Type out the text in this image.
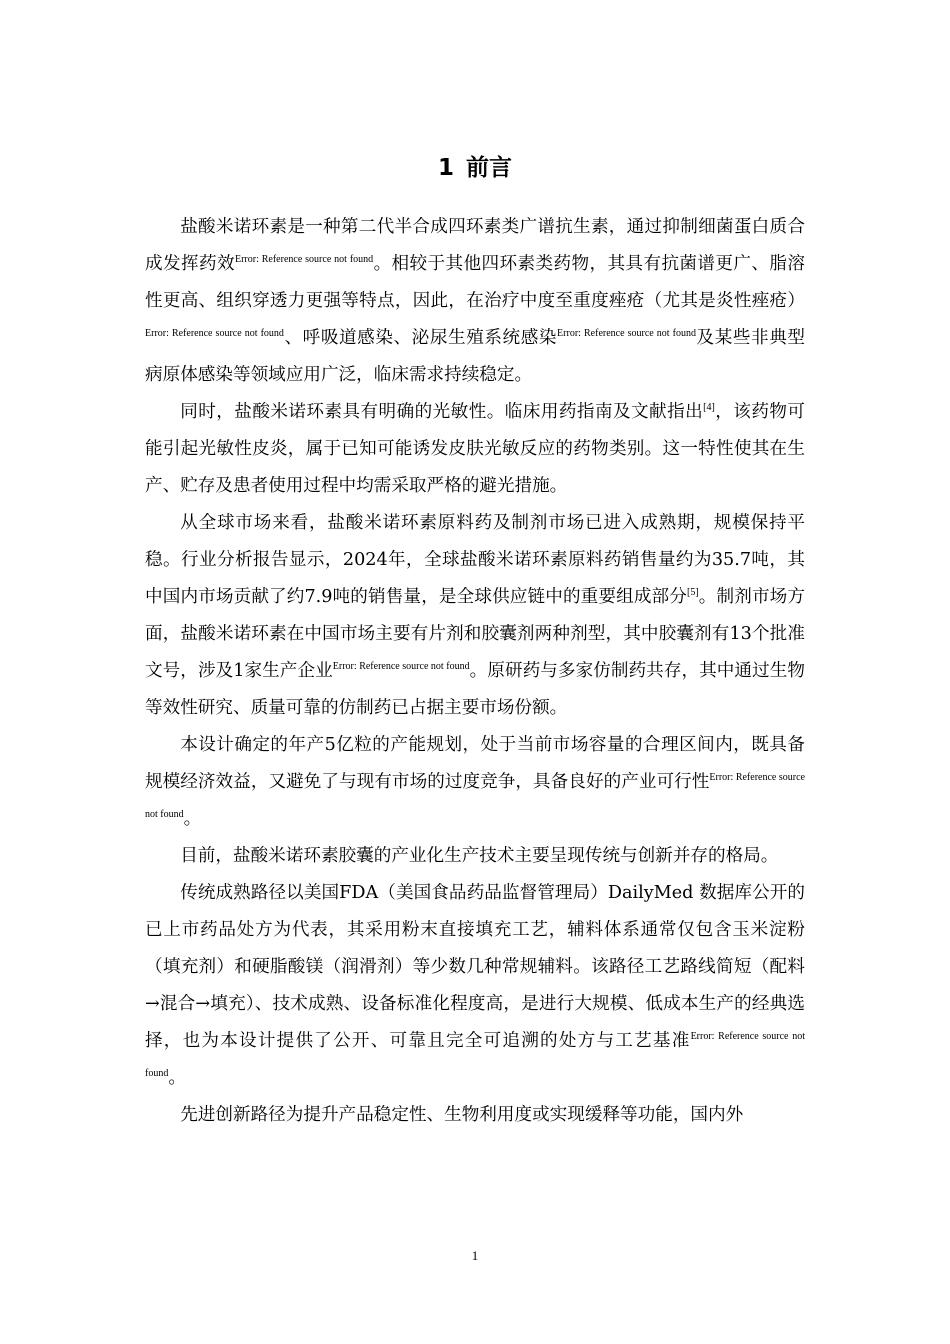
1 前言

盐酸米诺环素是一种第二代半合成四环素类广谱抗生素，通过抑制细菌蛋白质合成发挥药效$^{Error: Reference source not found}$。相较于其他四环素类药物，其具有抗菌谱更广、脂溶性更高、组织穿透力更强等特点，因此，在治疗中度至重度痤疮（尤其是炎性痤疮）$^{Error: Reference source not found}$、呼吸道感染、泌尿生殖系统感染$^{Error: Reference source not found}$及某些非典型病原体感染等领域应用广泛，临床需求持续稳定。

同时，盐酸米诺环素具有明确的光敏性。临床用药指南及文献指出[4]，该药物可能引起光敏性皮炎，属于已知可能诱发皮肤光敏反应的药物类别。这一特性使其在生产、贮存及患者使用过程中均需采取严格的避光措施。

从全球市场来看，盐酸米诺环素原料药及制剂市场已进入成熟期，规模保持平稳。行业分析报告显示，2024年，全球盐酸米诺环素原料药销售量约为35.7吨，其中国内市场贡献了约7.9吨的销售量，是全球供应链中的重要组成部分[5]。制剂市场方面，盐酸米诺环素在中国市场主要有片剂和胶囊剂两种剂型，其中胶囊剂有13个批准文号，涉及1家生产企业$^{Error: Reference source not found}$。原研药与多家仿制药共存，其中通过生物等效性研究、质量可靠的仿制药已占据主要市场份额。

本设计确定的年产5亿粒的产能规划，处于当前市场容量的合理区间内，既具备规模经济效益，又避免了与现有市场的过度竞争，具备良好的产业可行性$^{Error: Reference source not found}$。

目前，盐酸米诺环素胶囊的产业化生产技术主要呈现传统与创新并存的格局。

传统成熟路径以美国FDA（美国食品药品监督管理局）DailyMed 数据库公开的已上市药品处方为代表，其采用粉末直接填充工艺，辅料体系通常仅包含玉米淀粉（填充剂）和硬脂酸镁（润滑剂）等少数几种常规辅料。该路径工艺路线简短（配料→混合→填充）、技术成熟、设备标准化程度高，是进行大规模、低成本生产的经典选择，也为本设计提供了公开、可靠且完全可追溯的处方与工艺基准$^{Error: Reference source not found}$。

先进创新路径为提升产品稳定性、生物利用度或实现缓释等功能，国内外

1
